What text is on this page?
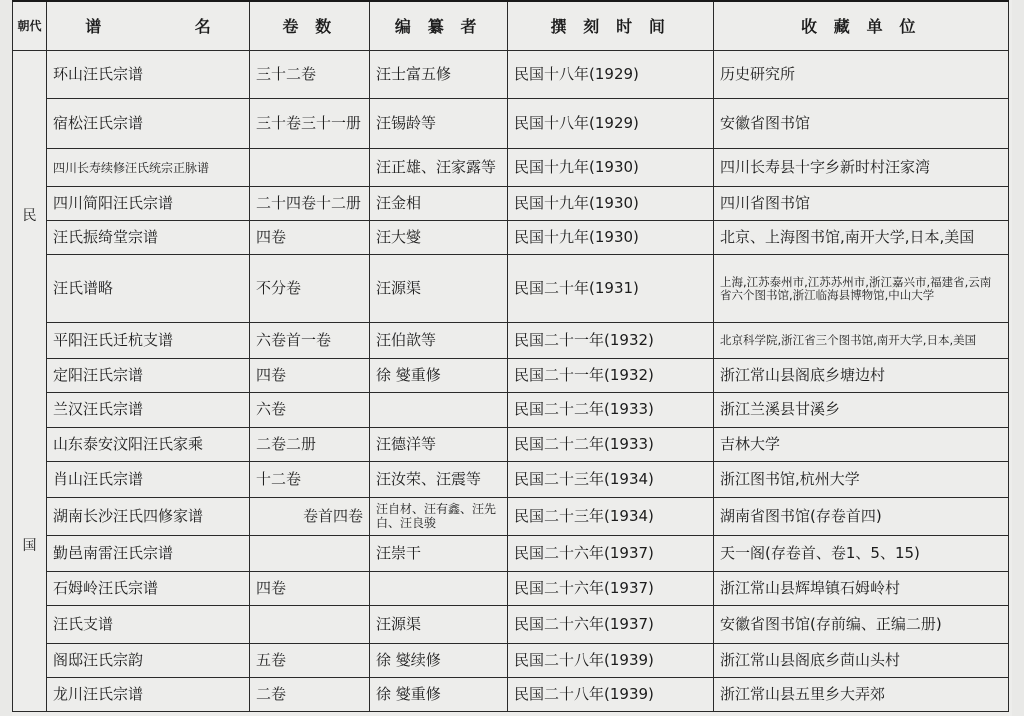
朝代	谱 名	卷 数	编 纂 者	撰 刻 时 间	收 藏 单 位

民
国	环山汪氏宗谱	三十二卷	汪士富五修	民国十八年(1929)	历史研究所
	宿松汪氏宗谱	三十卷三十一册	汪锡龄等	民国十八年(1929)	安徽省图书馆
	四川长寿续修汪氏统宗正脉谱		汪正雄、汪家露等	民国十九年(1930)	四川长寿县十字乡新时村汪家湾
	四川简阳汪氏宗谱	二十四卷十二册	汪金相	民国十九年(1930)	四川省图书馆
	汪氏振绮堂宗谱	四卷	汪大燮	民国十九年(1930)	北京、上海图书馆,南开大学,日本,美国
	汪氏谱略	不分卷	汪源渠	民国二十年(1931)	上海,江苏泰州市,江苏苏州市,浙江嘉兴市,福建省,云南省六个图书馆,浙江临海县博物馆,中山大学
	平阳汪氏迁杭支谱	六卷首一卷	汪伯歆等	民国二十一年(1932)	北京科学院,浙江省三个图书馆,南开大学,日本,美国
	定阳汪氏宗谱	四卷	徐 燮重修	民国二十一年(1932)	浙江常山县阁底乡塘边村
	兰汉汪氏宗谱	六卷		民国二十二年(1933)	浙江兰溪县甘溪乡
	山东泰安汶阳汪氏家乘	二卷二册	汪德洋等	民国二十二年(1933)	吉林大学
	肖山汪氏宗谱	十二卷	汪汝荣、汪震等	民国二十三年(1934)	浙江图书馆,杭州大学
	湖南长沙汪氏四修家谱	卷首四卷	汪自材、汪有鑫、汪先白、汪良骏	民国二十三年(1934)	湖南省图书馆(存卷首四)
	勤邑南雷汪氏宗谱		汪崇干	民国二十六年(1937)	天一阁(存卷首、卷1、5、15)
	石姆岭汪氏宗谱	四卷		民国二十六年(1937)	浙江常山县辉埠镇石姆岭村
	汪氏支谱		汪源渠	民国二十六年(1937)	安徽省图书馆(存前编、正编二册)
	阁邸汪氏宗韵	五卷	徐 燮续修	民国二十八年(1939)	浙江常山县阁底乡茴山头村
	龙川汪氏宗谱	二卷	徐 燮重修	民国二十八年(1939)	浙江常山县五里乡大弄郊
